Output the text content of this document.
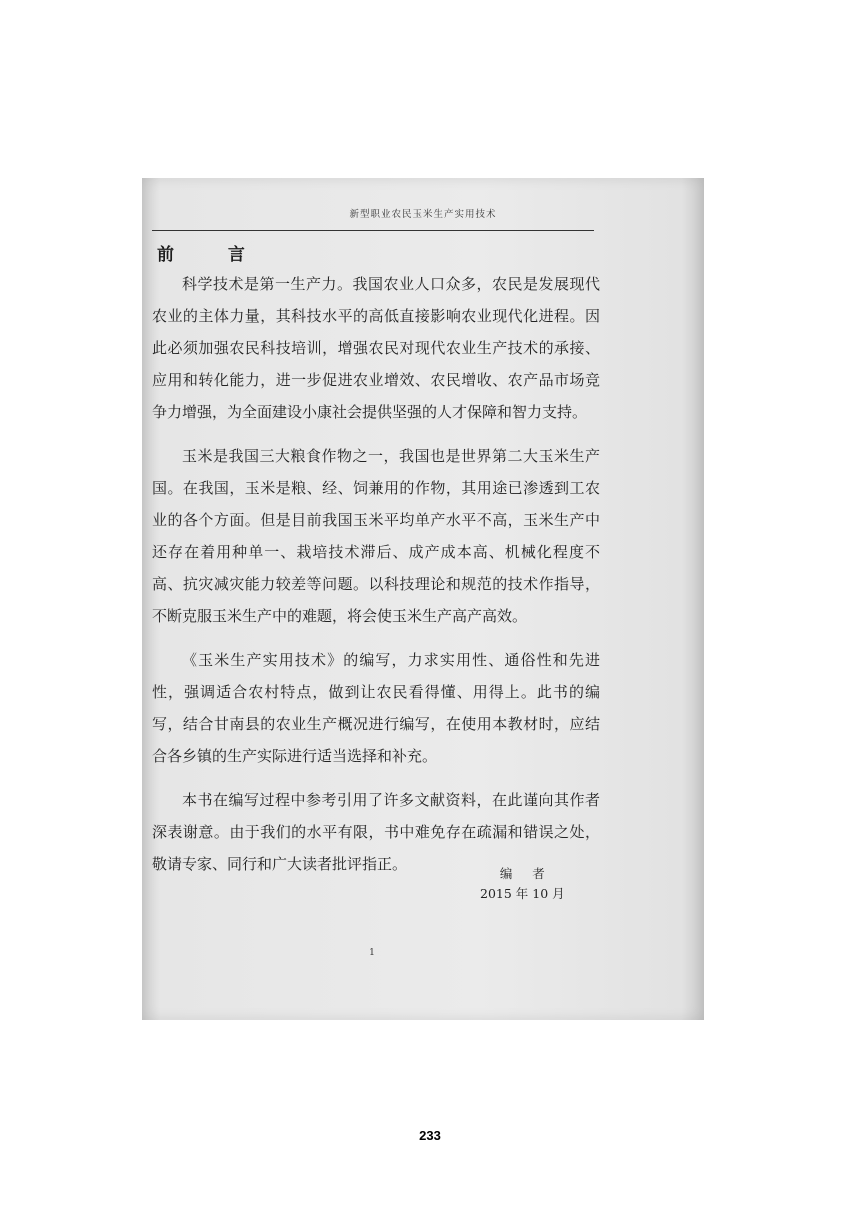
新型职业农民玉米生产实用技术
前 言

科学技术是第一生产力。我国农业人口众多，农民是发展现代农业的主体力量，其科技水平的高低直接影响农业现代化进程。因此必须加强农民科技培训，增强农民对现代农业生产技术的承接、应用和转化能力，进一步促进农业增效、农民增收、农产品市场竞争力增强，为全面建设小康社会提供坚强的人才保障和智力支持。

玉米是我国三大粮食作物之一，我国也是世界第二大玉米生产国。在我国，玉米是粮、经、饲兼用的作物，其用途已渗透到工农业的各个方面。但是目前我国玉米平均单产水平不高，玉米生产中还存在着用种单一、栽培技术滞后、成产成本高、机械化程度不高、抗灾减灾能力较差等问题。以科技理论和规范的技术作指导，不断克服玉米生产中的难题，将会使玉米生产高产高效。

《玉米生产实用技术》的编写，力求实用性、通俗性和先进性，强调适合农村特点，做到让农民看得懂、用得上。此书的编写，结合甘南县的农业生产概况进行编写，在使用本教材时，应结合各乡镇的生产实际进行适当选择和补充。

本书在编写过程中参考引用了许多文献资料，在此谨向其作者深表谢意。由于我们的水平有限，书中难免存在疏漏和错误之处，敬请专家、同行和广大读者批评指正。

编 者
2015 年 10 月
1
233
